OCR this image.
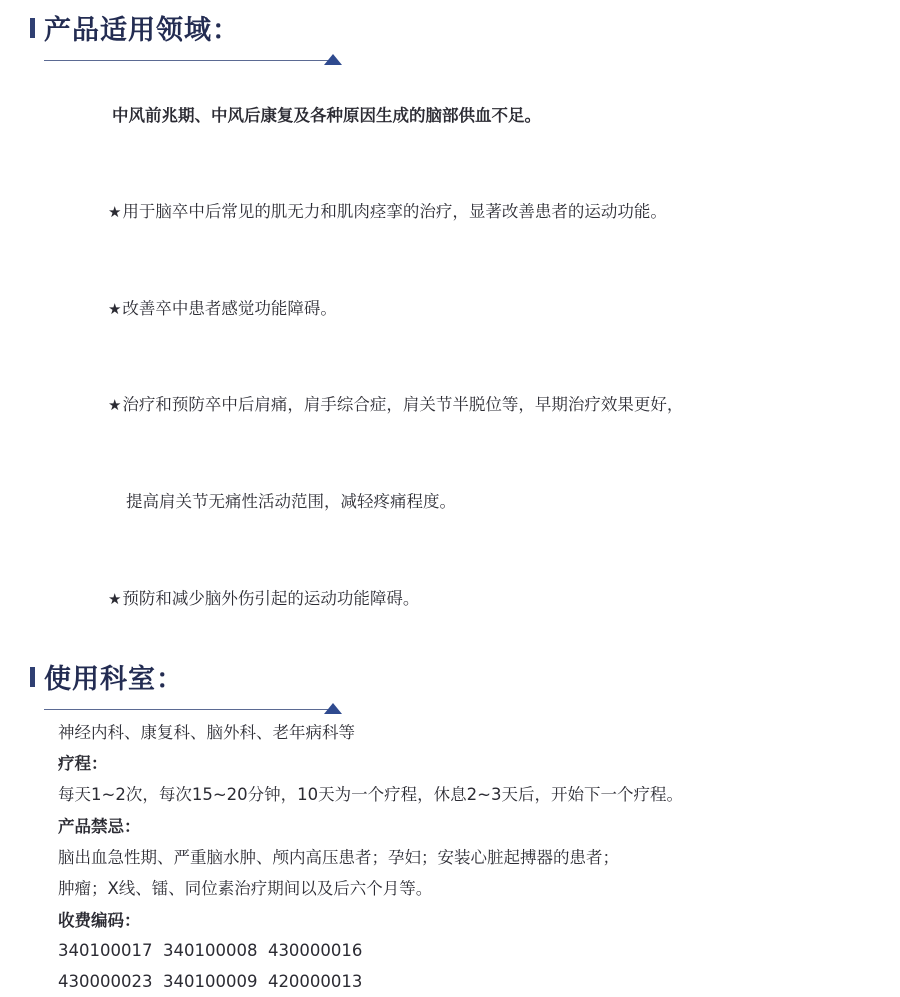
产品适用领域：

中风前兆期、中风后康复及各种原因生成的脑部供血不足。

★用于脑卒中后常见的肌无力和肌肉痉挛的治疗，显著改善患者的运动功能。

★改善卒中患者感觉功能障碍。

★治疗和预防卒中后肩痛，肩手综合症，肩关节半脱位等，早期治疗效果更好，

提高肩关节无痛性活动范围，减轻疼痛程度。

★预防和减少脑外伤引起的运动功能障碍。

使用科室：
神经内科、康复科、脑外科、老年病科等
疗程：
每天1~2次，每次15~20分钟，10天为一个疗程，休息2~3天后，开始下一个疗程。
产品禁忌：
脑出血急性期、严重脑水肿、颅内高压患者；孕妇；安装心脏起搏器的患者；
肿瘤；X线、镭、同位素治疗期间以及后六个月等。
收费编码：
340100017  340100008  430000016
430000023  340100009  420000013
